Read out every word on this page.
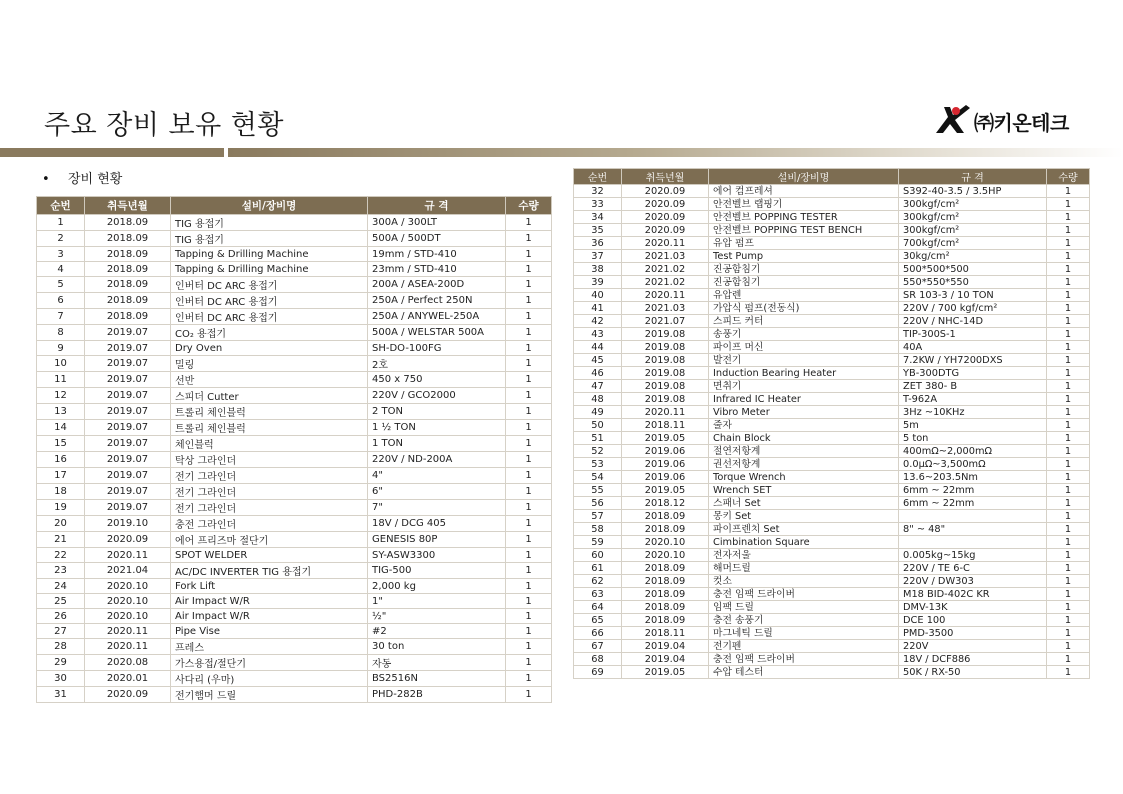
주요 장비 보유 현황	㈜키온테크
• 장비 현황
순번	취득년월	설비/장비명	규 격	수량
1	2018.09	TIG 용접기	300A / 300LT	1
2	2018.09	TIG 용접기	500A / 500DT	1
3	2018.09	Tapping & Drilling Machine	19mm / STD-410	1
4	2018.09	Tapping & Drilling Machine	23mm / STD-410	1
5	2018.09	인버터 DC ARC 용접기	200A / ASEA-200D	1
6	2018.09	인버터 DC ARC 용접기	250A / Perfect 250N	1
7	2018.09	인버터 DC ARC 용접기	250A / ANYWEL-250A	1
8	2019.07	CO₂ 용접기	500A / WELSTAR 500A	1
9	2019.07	Dry Oven	SH-DO-100FG	1
10	2019.07	밀링	2호	1
11	2019.07	선반	450 x 750	1
12	2019.07	스피더 Cutter	220V / GCO2000	1
13	2019.07	트롤리 체인블럭	2 TON	1
14	2019.07	트롤리 체인블럭	1 ½ TON	1
15	2019.07	체인블럭	1 TON	1
16	2019.07	탁상 그라인더	220V / ND-200A	1
17	2019.07	전기 그라인더	4"	1
18	2019.07	전기 그라인더	6"	1
19	2019.07	전기 그라인더	7"	1
20	2019.10	충전 그라인더	18V / DCG 405	1
21	2020.09	에어 프리즈마 절단기	GENESIS 80P	1
22	2020.11	SPOT WELDER	SY-ASW3300	1
23	2021.04	AC/DC INVERTER TIG 용접기	TIG-500	1
24	2020.10	Fork Lift	2,000 kg	1
25	2020.10	Air Impact W/R	1"	1
26	2020.10	Air Impact W/R	½"	1
27	2020.11	Pipe Vise	#2	1
28	2020.11	프레스	30 ton	1
29	2020.08	가스용접/절단기	자동	1
30	2020.01	사다리 (우마)	BS2516N	1
31	2020.09	전기햄머 드릴	PHD-282B	1
순번	취득년월	설비/장비명	규 격	수량
32	2020.09	에어 컴프레셔	S392-40-3.5 / 3.5HP	1
33	2020.09	안전벨브 랩핑기	300kgf/cm²	1
34	2020.09	안전벨브 POPPING TESTER	300kgf/cm²	1
35	2020.09	안전벨브 POPPING TEST BENCH	300kgf/cm²	1
36	2020.11	유압 펌프	700kgf/cm²	1
37	2021.03	Test Pump	30kg/cm²	1
38	2021.02	진공함침기	500*500*500	1
39	2021.02	진공함침기	550*550*550	1
40	2020.11	유압렌	SR 103-3 / 10 TON	1
41	2021.03	가압식 펌프(전동식)	220V / 700 kgf/cm²	1
42	2021.07	스피드 커터	220V / NHC-14D	1
43	2019.08	송풍기	TIP-300S-1	1
44	2019.08	파이프 머신	40A	1
45	2019.08	발전기	7.2KW / YH7200DXS	1
46	2019.08	Induction Bearing Heater	YB-300DTG	1
47	2019.08	면취기	ZET 380- B	1
48	2019.08	Infrared IC Heater	T-962A	1
49	2020.11	Vibro Meter	3Hz ~10KHz	1
50	2018.11	줄자	5m	1
51	2019.05	Chain Block	5 ton	1
52	2019.06	절연저항계	400mΩ~2,000mΩ	1
53	2019.06	권선저항계	0.0μΩ~3,500mΩ	1
54	2019.06	Torque Wrench	13.6~203.5Nm	1
55	2019.05	Wrench SET	6mm ~ 22mm	1
56	2018.12	스패너 Set	6mm ~ 22mm	1
57	2018.09	몽키 Set		1
58	2018.09	파이프렌치 Set	8" ~ 48"	1
59	2020.10	Cimbination Square		1
60	2020.10	전자저울	0.005kg~15kg	1
61	2018.09	해머드릴	220V / TE 6-C	1
62	2018.09	컷소	220V / DW303	1
63	2018.09	충전 임팩 드라이버	M18 BID-402C KR	1
64	2018.09	임팩 드릴	DMV-13K	1
65	2018.09	충전 송풍기	DCE 100	1
66	2018.11	마그네틱 드릴	PMD-3500	1
67	2019.04	전기펜	220V	1
68	2019.04	충전 임팩 드라이버	18V / DCF886	1
69	2019.05	수압 테스터	50K / RX-50	1
